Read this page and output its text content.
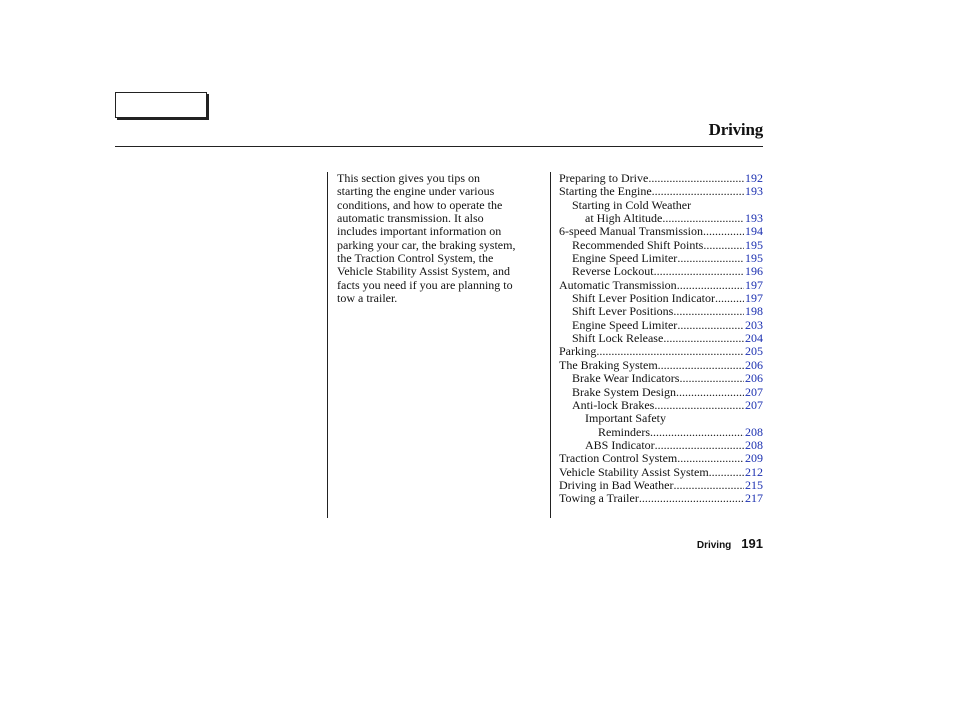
Driving
This section gives you tips on
starting the engine under various
conditions, and how to operate the
automatic transmission. It also
includes important information on
parking your car, the braking system,
the Traction Control System, the
Vehicle Stability Assist System, and
facts you need if you are planning to
tow a trailer.
Preparing to Drive .....	192
Starting the Engine .....	193
Starting in Cold Weather
at High Altitude .....	193
6-speed Manual Transmission .....	194
Recommended Shift Points .....	195
Engine Speed Limiter .....	195
Reverse Lockout .....	196
Automatic Transmission .....	197
Shift Lever Position Indicator .....	197
Shift Lever Positions .....	198
Engine Speed Limiter .....	203
Shift Lock Release .....	204
Parking .....	205
The Braking System .....	206
Brake Wear Indicators .....	206
Brake System Design .....	207
Anti-lock Brakes .....	207
Important Safety
Reminders .....	208
ABS Indicator .....	208
Traction Control System .....	209
Vehicle Stability Assist System .....	212
Driving in Bad Weather .....	215
Towing a Trailer .....	217
Driving 191
